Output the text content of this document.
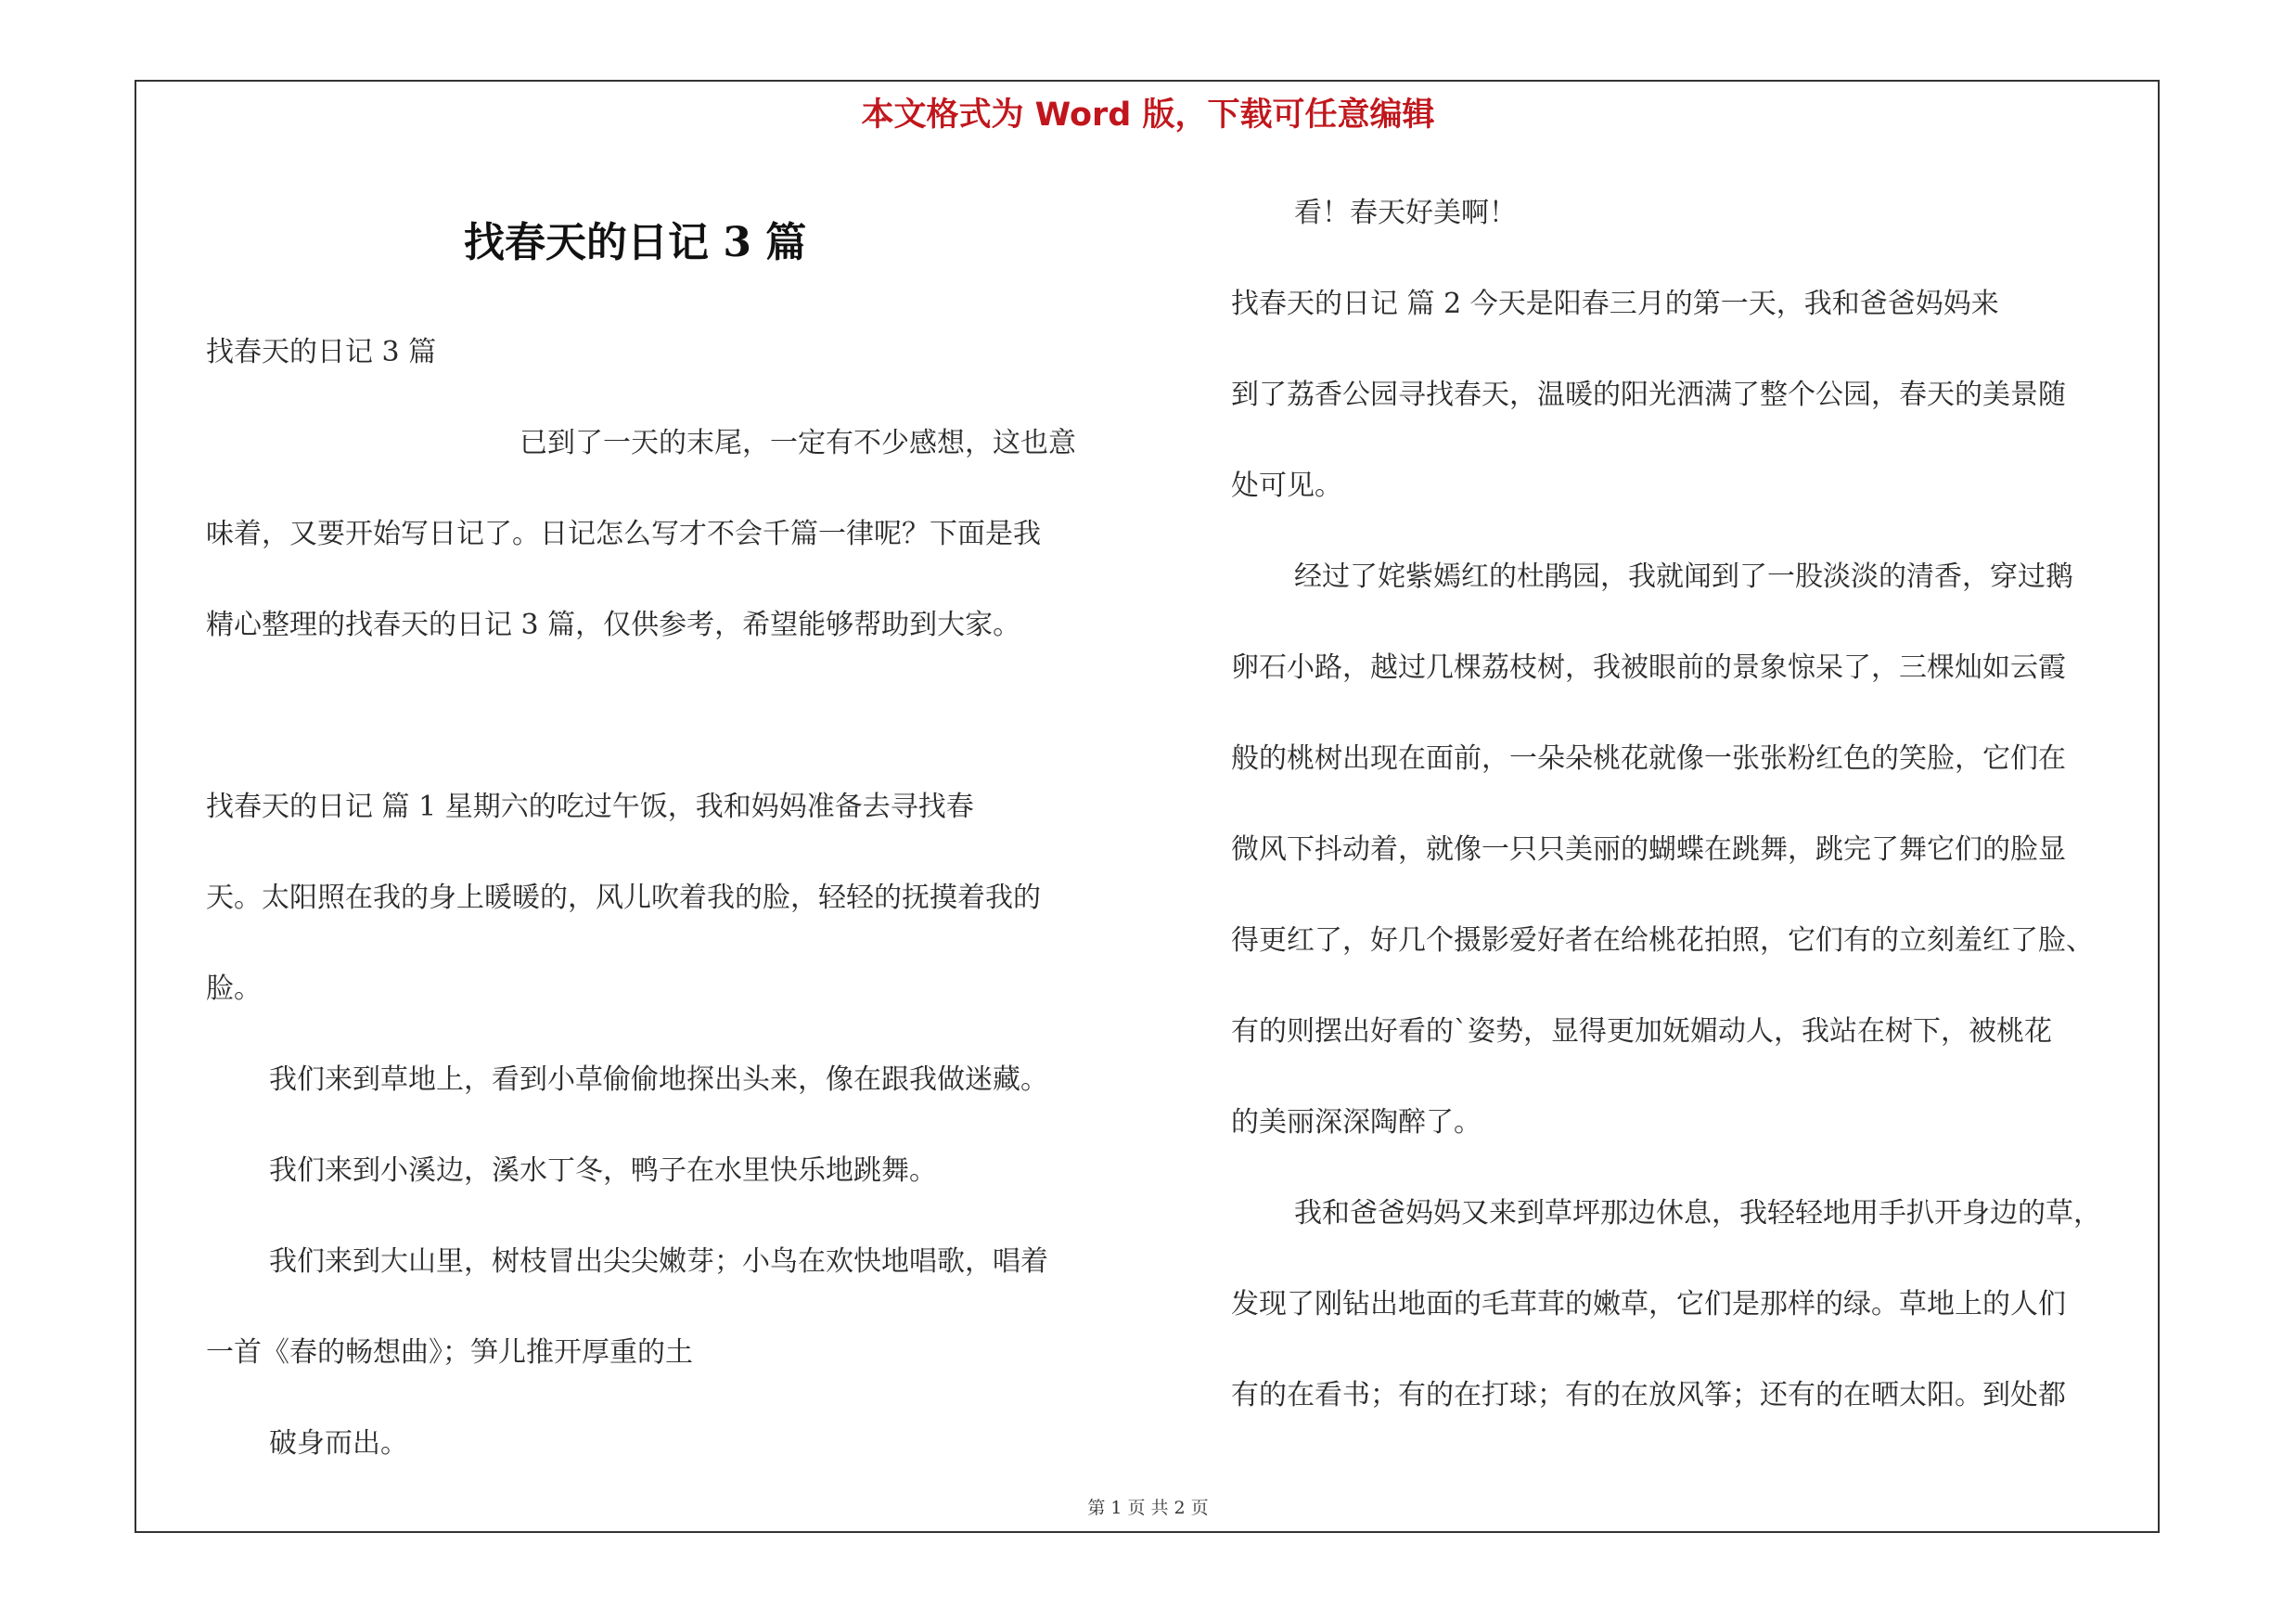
本文格式为 Word 版，下载可任意编辑
找春天的日记 3 篇

找春天的日记 3 篇

已到了一天的末尾，一定有不少感想，这也意

味着，又要开始写日记了。日记怎么写才不会千篇一律呢？下面是我

精心整理的找春天的日记 3 篇，仅供参考，希望能够帮助到大家。

找春天的日记 篇 1 星期六的吃过午饭，我和妈妈准备去寻找春

天。太阳照在我的身上暖暖的，风儿吹着我的脸，轻轻的抚摸着我的

脸。

我们来到草地上，看到小草偷偷地探出头来，像在跟我做迷藏。

我们来到小溪边，溪水丁冬，鸭子在水里快乐地跳舞。

我们来到大山里，树枝冒出尖尖嫩芽；小鸟在欢快地唱歌，唱着

一首《春的畅想曲》；笋儿推开厚重的土

破身而出。

看！春天好美啊！

找春天的日记 篇 2 今天是阳春三月的第一天，我和爸爸妈妈来

到了荔香公园寻找春天，温暖的阳光洒满了整个公园，春天的美景随

处可见。

经过了姹紫嫣红的杜鹃园，我就闻到了一股淡淡的清香，穿过鹅

卵石小路，越过几棵荔枝树，我被眼前的景象惊呆了，三棵灿如云霞

般的桃树出现在面前，一朵朵桃花就像一张张粉红色的笑脸，它们在

微风下抖动着，就像一只只美丽的蝴蝶在跳舞，跳完了舞它们的脸显

得更红了，好几个摄影爱好者在给桃花拍照，它们有的立刻羞红了脸、

有的则摆出好看的`姿势，显得更加妩媚动人，我站在树下，被桃花

的美丽深深陶醉了。

我和爸爸妈妈又来到草坪那边休息，我轻轻地用手扒开身边的草，

发现了刚钻出地面的毛茸茸的嫩草，它们是那样的绿。草地上的人们

有的在看书；有的在打球；有的在放风筝；还有的在晒太阳。到处都

第 1 页 共 2 页
